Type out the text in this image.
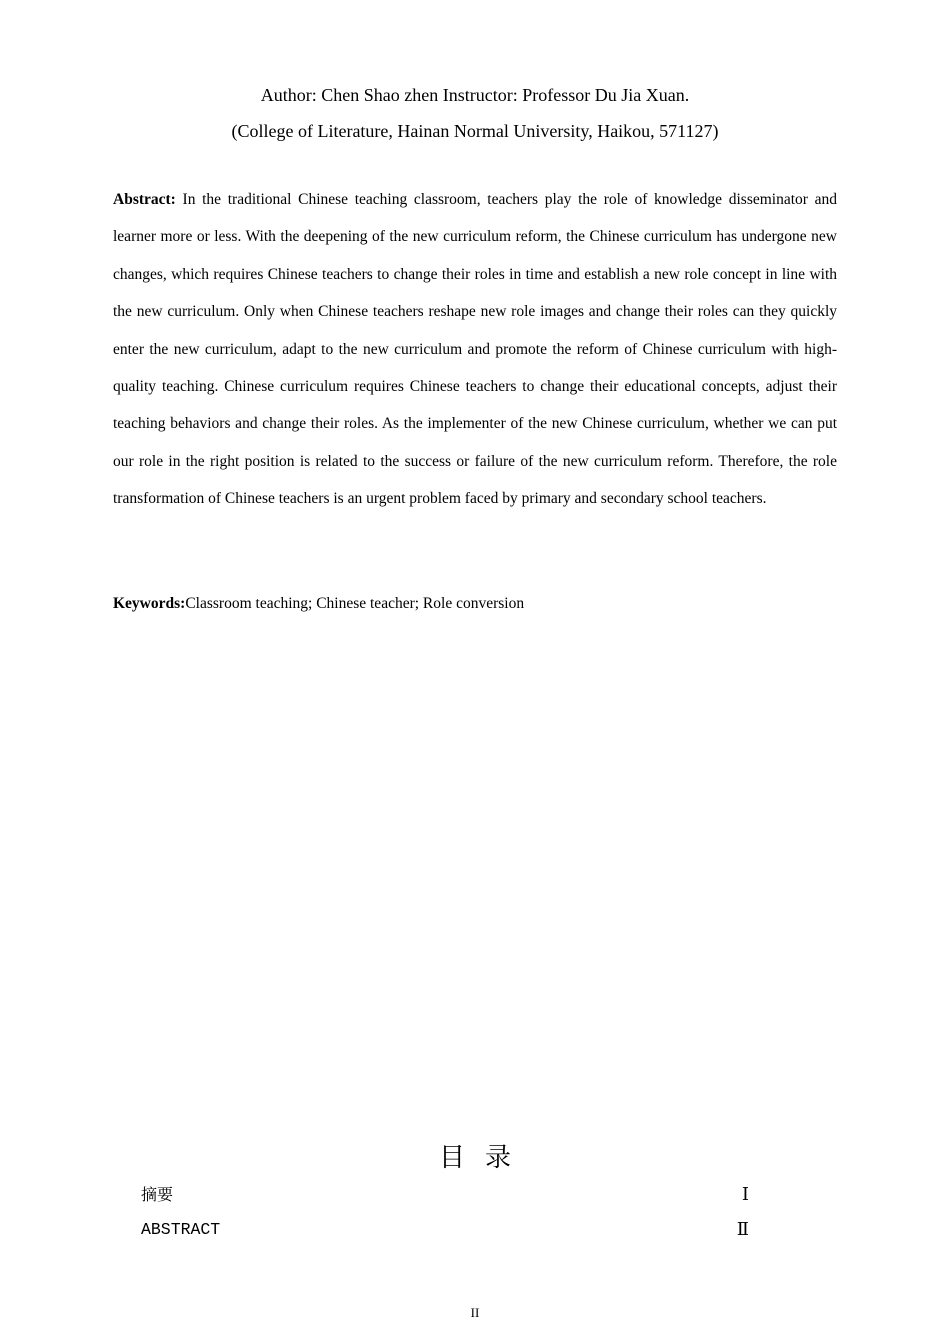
Author: Chen Shao zhen Instructor: Professor Du Jia Xuan.
(College of Literature, Hainan Normal University, Haikou, 571127)

Abstract: In the traditional Chinese teaching classroom, teachers play the role of knowledge disseminator and learner more or less. With the deepening of the new curriculum reform, the Chinese curriculum has undergone new changes, which requires Chinese teachers to change their roles in time and establish a new role concept in line with the new curriculum. Only when Chinese teachers reshape new role images and change their roles can they quickly enter the new curriculum, adapt to the new curriculum and promote the reform of Chinese curriculum with high-quality teaching. Chinese curriculum requires Chinese teachers to change their educational concepts, adjust their teaching behaviors and change their roles. As the implementer of the new Chinese curriculum, whether we can put our role in the right position is related to the success or failure of the new curriculum reform. Therefore, the role transformation of Chinese teachers is an urgent problem faced by primary and secondary school teachers.

Keywords:Classroom teaching; Chinese teacher; Role conversion

目录
摘要	Ⅰ
ABSTRACT	Ⅱ
II
